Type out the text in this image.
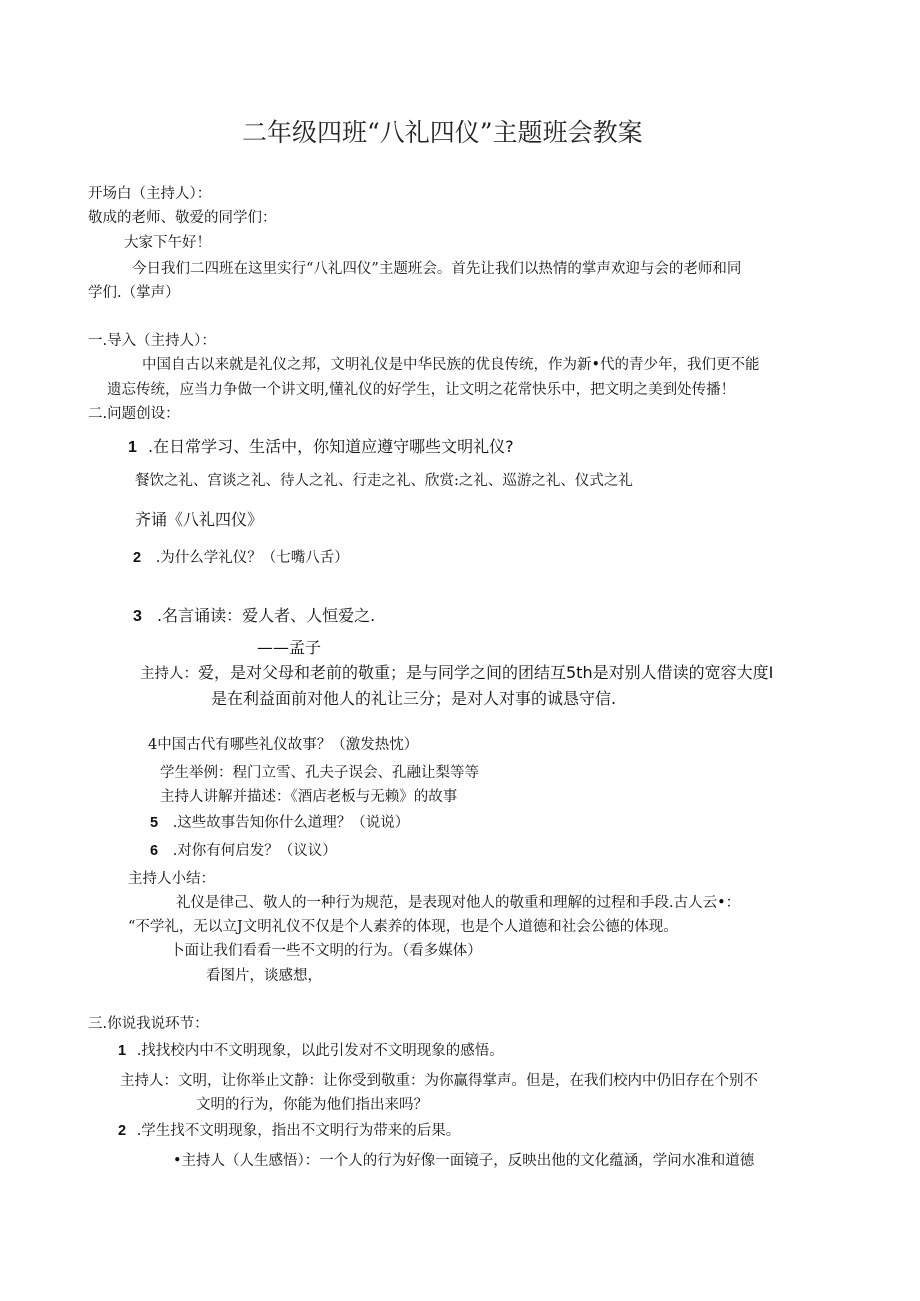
二年级四班“八礼四仪”主题班会教案
开场白（主持人）：
敬成的老师、敬爱的同学们：
大家下午好！
今日我们二四班在这里实行“八礼四仪”主题班会。首先让我们以热情的掌声欢迎与会的老师和同
学们.（掌声）
一.导入（主持人）：
中国自古以来就是礼仪之邦，文明礼仪是中华民族的优良传统，作为新•代的青少年，我们更不能
遗忘传统，应当力争做一个讲文明,懂礼仪的好学生，让文明之花常快乐中，把文明之美到处传播！
二.问题创设：
1 .在日常学习、生活中，你知道应遵守哪些文明礼仪?
餐饮之礼、宫谈之礼、待人之礼、行走之礼、欣赏:之礼、巡游之礼、仪式之礼
齐诵《八礼四仪》
2 .为什么学礼仪？（七嘴八舌）
3 .名言诵读：爱人者、人恒爱之.
——孟子
主持人：爱，是对父母和老前的敬重；是与同学之间的团结互5th是对别人借读的宽容大度I
是在利益面前对他人的礼让三分；是对人对事的诚恳守信.
4中国古代有哪些礼仪故事？（激发热忱）
学生举例：程门立雪、孔夫子误会、孔融让梨等等
主持人讲解并描述：《酒店老板与无赖》的故事
5 .这些故事告知你什么道理？（说说）
6 .对你有何启发？（议议）
主持人小结：
礼仪是律己、敬人的一种行为规范，是表现对他人的敬重和理解的过程和手段.古人云•：
“不学礼，无以立J文明礼仪不仅是个人素养的体现，也是个人道德和社会公德的体现。
卜面让我们看看一些不文明的行为。（看多媒体）
看图片，谈感想，
三.你说我说环节：
1 .找找校内中不文明现象，以此引发对不文明现象的感悟。
主持人：文明，让你举止文静：让你受到敬重：为你赢得掌声。但是，在我们校内中仍旧存在个别不
文明的行为，你能为他们指出来吗？
2 .学生找不文明现象，指出不文明行为带来的后果。
•主持人（人生感悟）：一个人的行为好像一面镜子，反映出他的文化蕴涵，学问水准和道德
